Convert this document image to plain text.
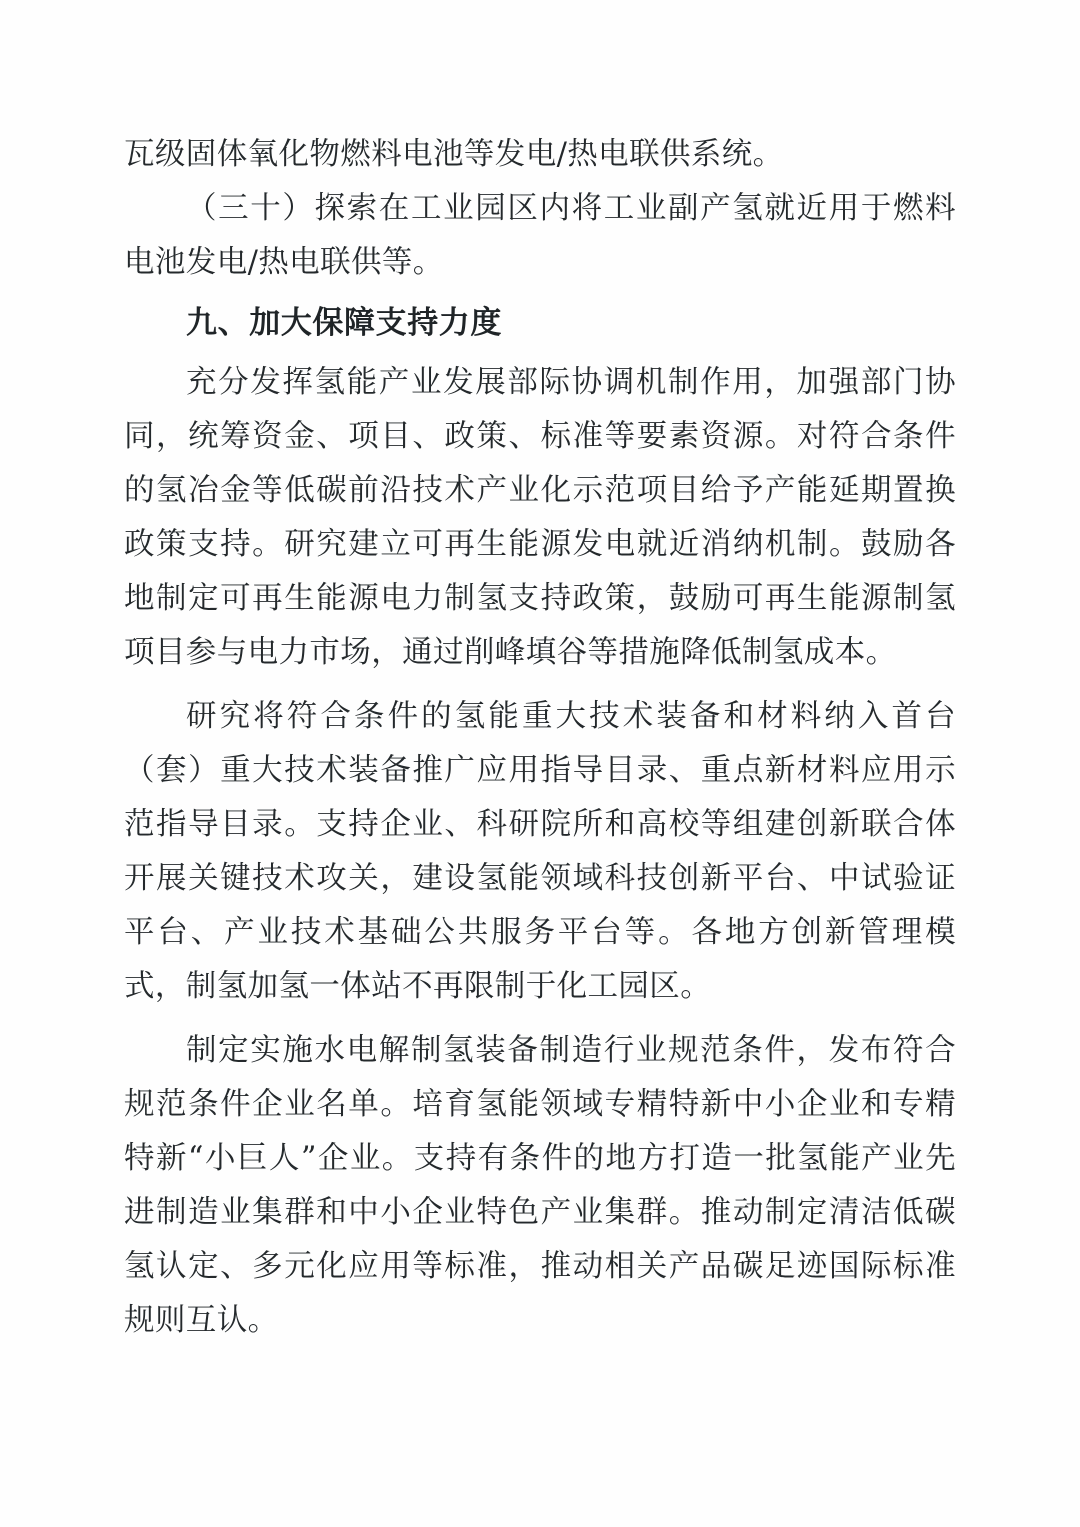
瓦级固体氧化物燃料电池等发电/热电联供系统。

（三十）探索在工业园区内将工业副产氢就近用于燃料电池发电/热电联供等。

九、加大保障支持力度

充分发挥氢能产业发展部际协调机制作用，加强部门协同，统筹资金、项目、政策、标准等要素资源。对符合条件的氢冶金等低碳前沿技术产业化示范项目给予产能延期置换政策支持。研究建立可再生能源发电就近消纳机制。鼓励各地制定可再生能源电力制氢支持政策，鼓励可再生能源制氢项目参与电力市场，通过削峰填谷等措施降低制氢成本。

研究将符合条件的氢能重大技术装备和材料纳入首台（套）重大技术装备推广应用指导目录、重点新材料应用示范指导目录。支持企业、科研院所和高校等组建创新联合体开展关键技术攻关，建设氢能领域科技创新平台、中试验证平台、产业技术基础公共服务平台等。各地方创新管理模式，制氢加氢一体站不再限制于化工园区。

制定实施水电解制氢装备制造行业规范条件，发布符合规范条件企业名单。培育氢能领域专精特新中小企业和专精特新“小巨人”企业。支持有条件的地方打造一批氢能产业先进制造业集群和中小企业特色产业集群。推动制定清洁低碳氢认定、多元化应用等标准，推动相关产品碳足迹国际标准规则互认。
